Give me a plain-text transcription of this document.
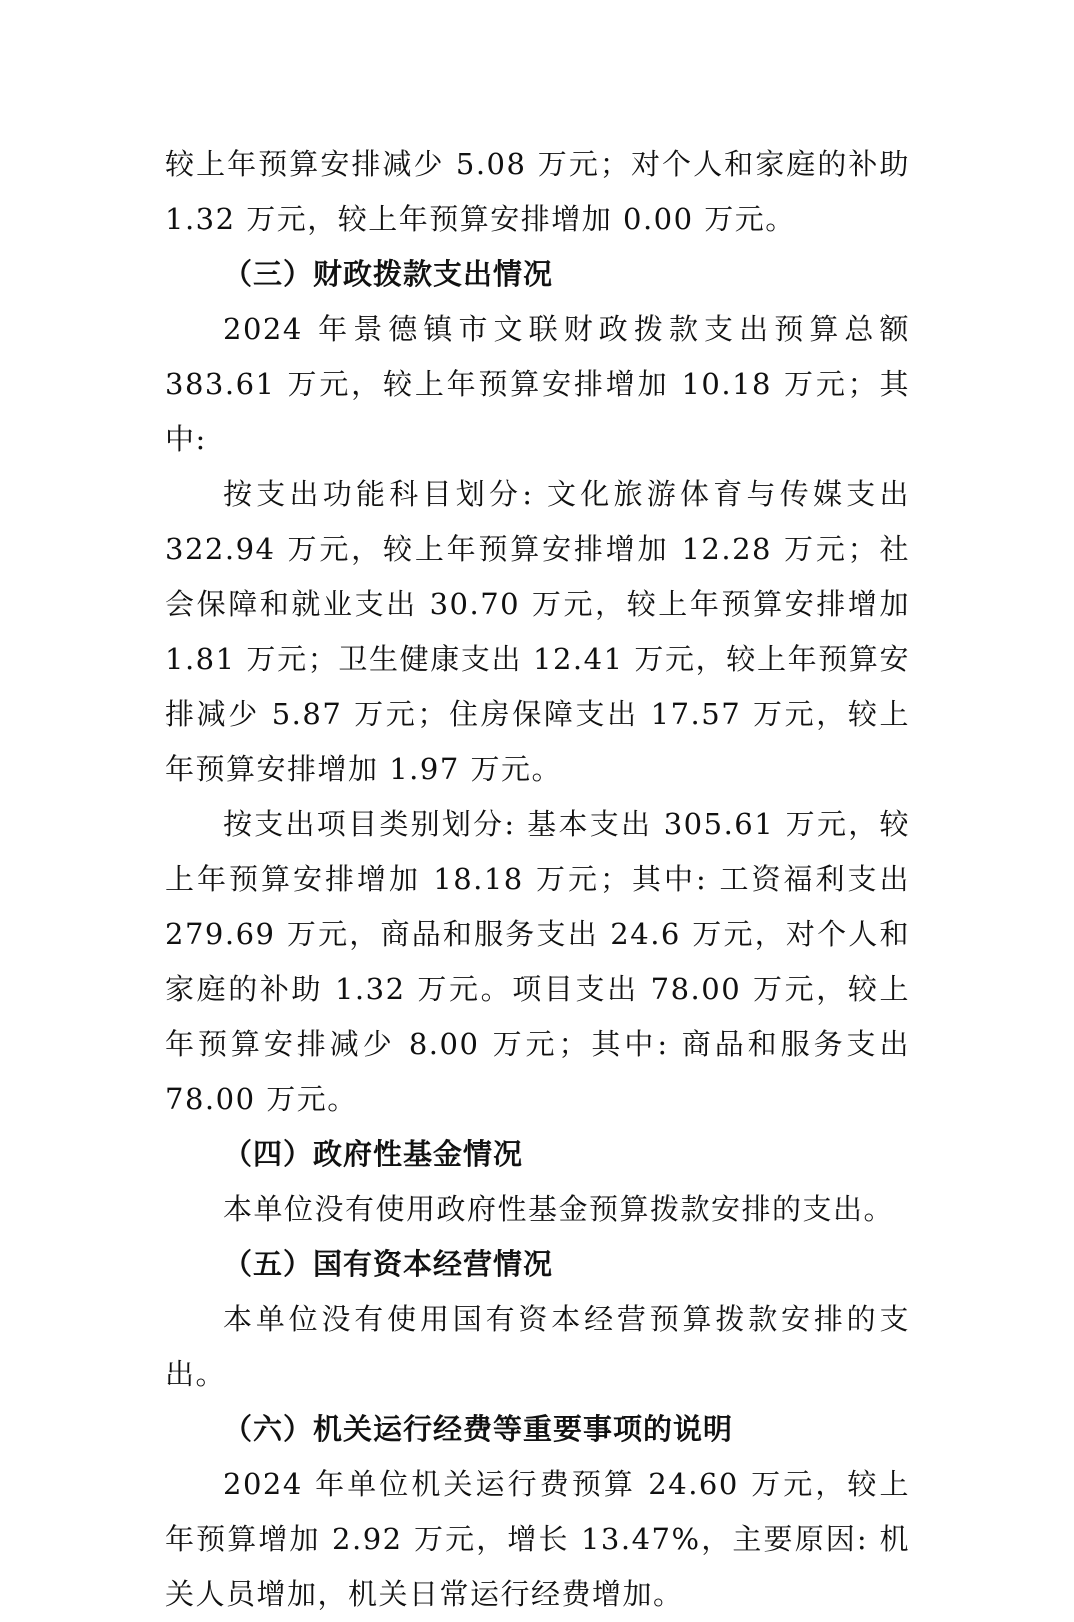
较上年预算安排减少 5.08 万元；对个人和家庭的补助 1.32 万元，较上年预算安排增加 0.00 万元。

（三）财政拨款支出情况

2024 年景德镇市文联财政拨款支出预算总额 383.61 万元，较上年预算安排增加 10.18 万元；其中:

按支出功能科目划分: 文化旅游体育与传媒支出 322.94 万元，较上年预算安排增加 12.28 万元；社会保障和就业支出 30.70 万元，较上年预算安排增加 1.81 万元；卫生健康支出 12.41 万元，较上年预算安排减少 5.87 万元；住房保障支出 17.57 万元，较上年预算安排增加 1.97 万元。

按支出项目类别划分: 基本支出 305.61 万元，较上年预算安排增加 18.18 万元；其中: 工资福利支出 279.69 万元，商品和服务支出 24.6 万元，对个人和家庭的补助 1.32 万元。项目支出 78.00 万元，较上年预算安排减少 8.00 万元；其中: 商品和服务支出 78.00 万元。

（四）政府性基金情况

本单位没有使用政府性基金预算拨款安排的支出。

（五）国有资本经营情况

本单位没有使用国有资本经营预算拨款安排的支出。

（六）机关运行经费等重要事项的说明

2024 年单位机关运行费预算 24.60 万元，较上年预算增加 2.92 万元，增长 13.47%，主要原因: 机关人员增加，机关日常运行经费增加。
